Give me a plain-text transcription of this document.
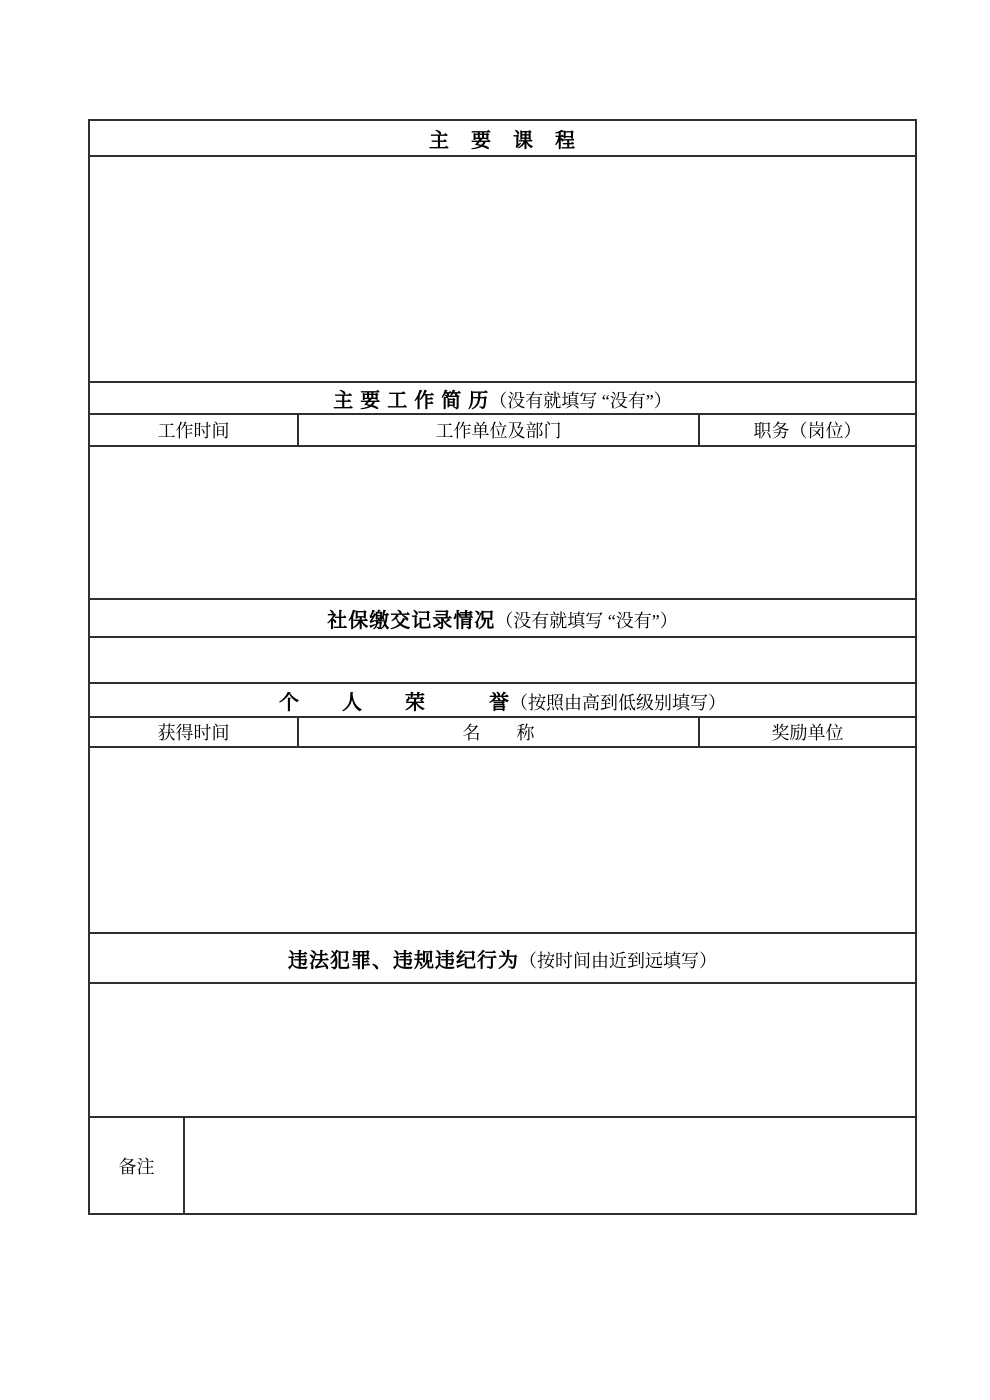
主　要　课　程
主 要 工 作 简 历 （没有就填写 “没有”）
工作时间	工作单位及部门	职务（岗位）
社保缴交记录情况 （没有就填写 “没有”）
个　　人　　荣　　　誉 （按照由高到低级别填写）
获得时间	名　　称	奖励单位
违法犯罪、违规违纪行为 （按时间由近到远填写）
备注
